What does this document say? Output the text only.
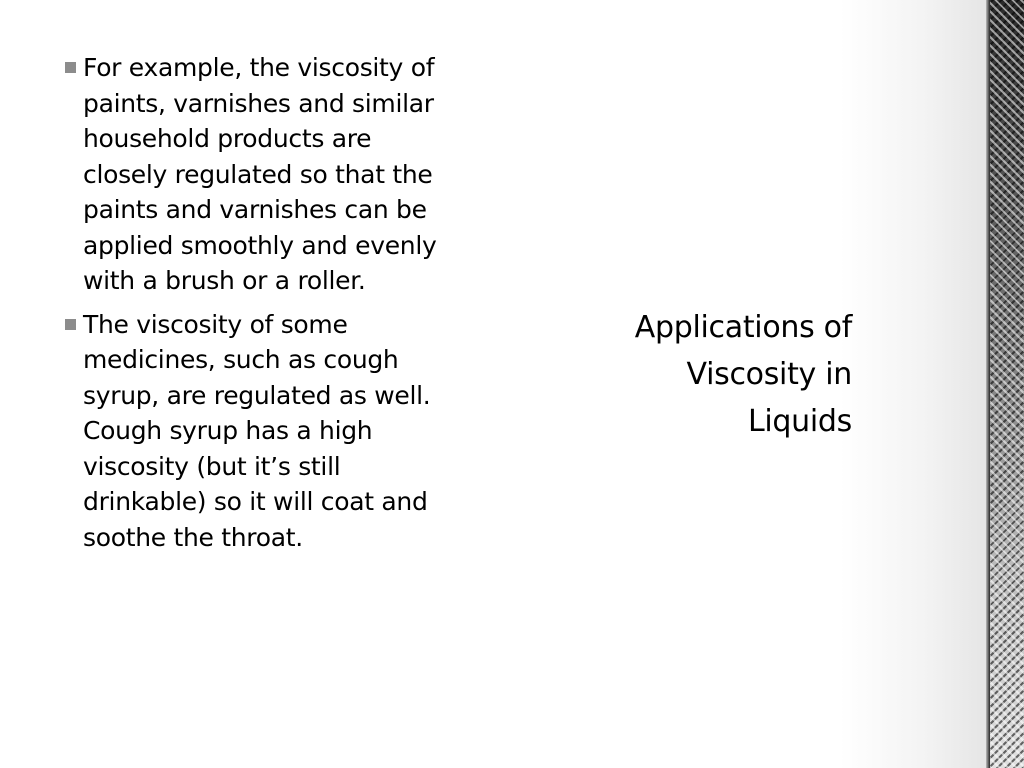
For example, the viscosity of paints, varnishes and similar household products are closely regulated so that the paints and varnishes can be applied smoothly and evenly with a brush or a roller.
The viscosity of some medicines, such as cough syrup, are regulated as well. Cough syrup has a high viscosity (but it’s still drinkable) so it will coat and soothe the throat.
Applications of
Viscosity in
Liquids
